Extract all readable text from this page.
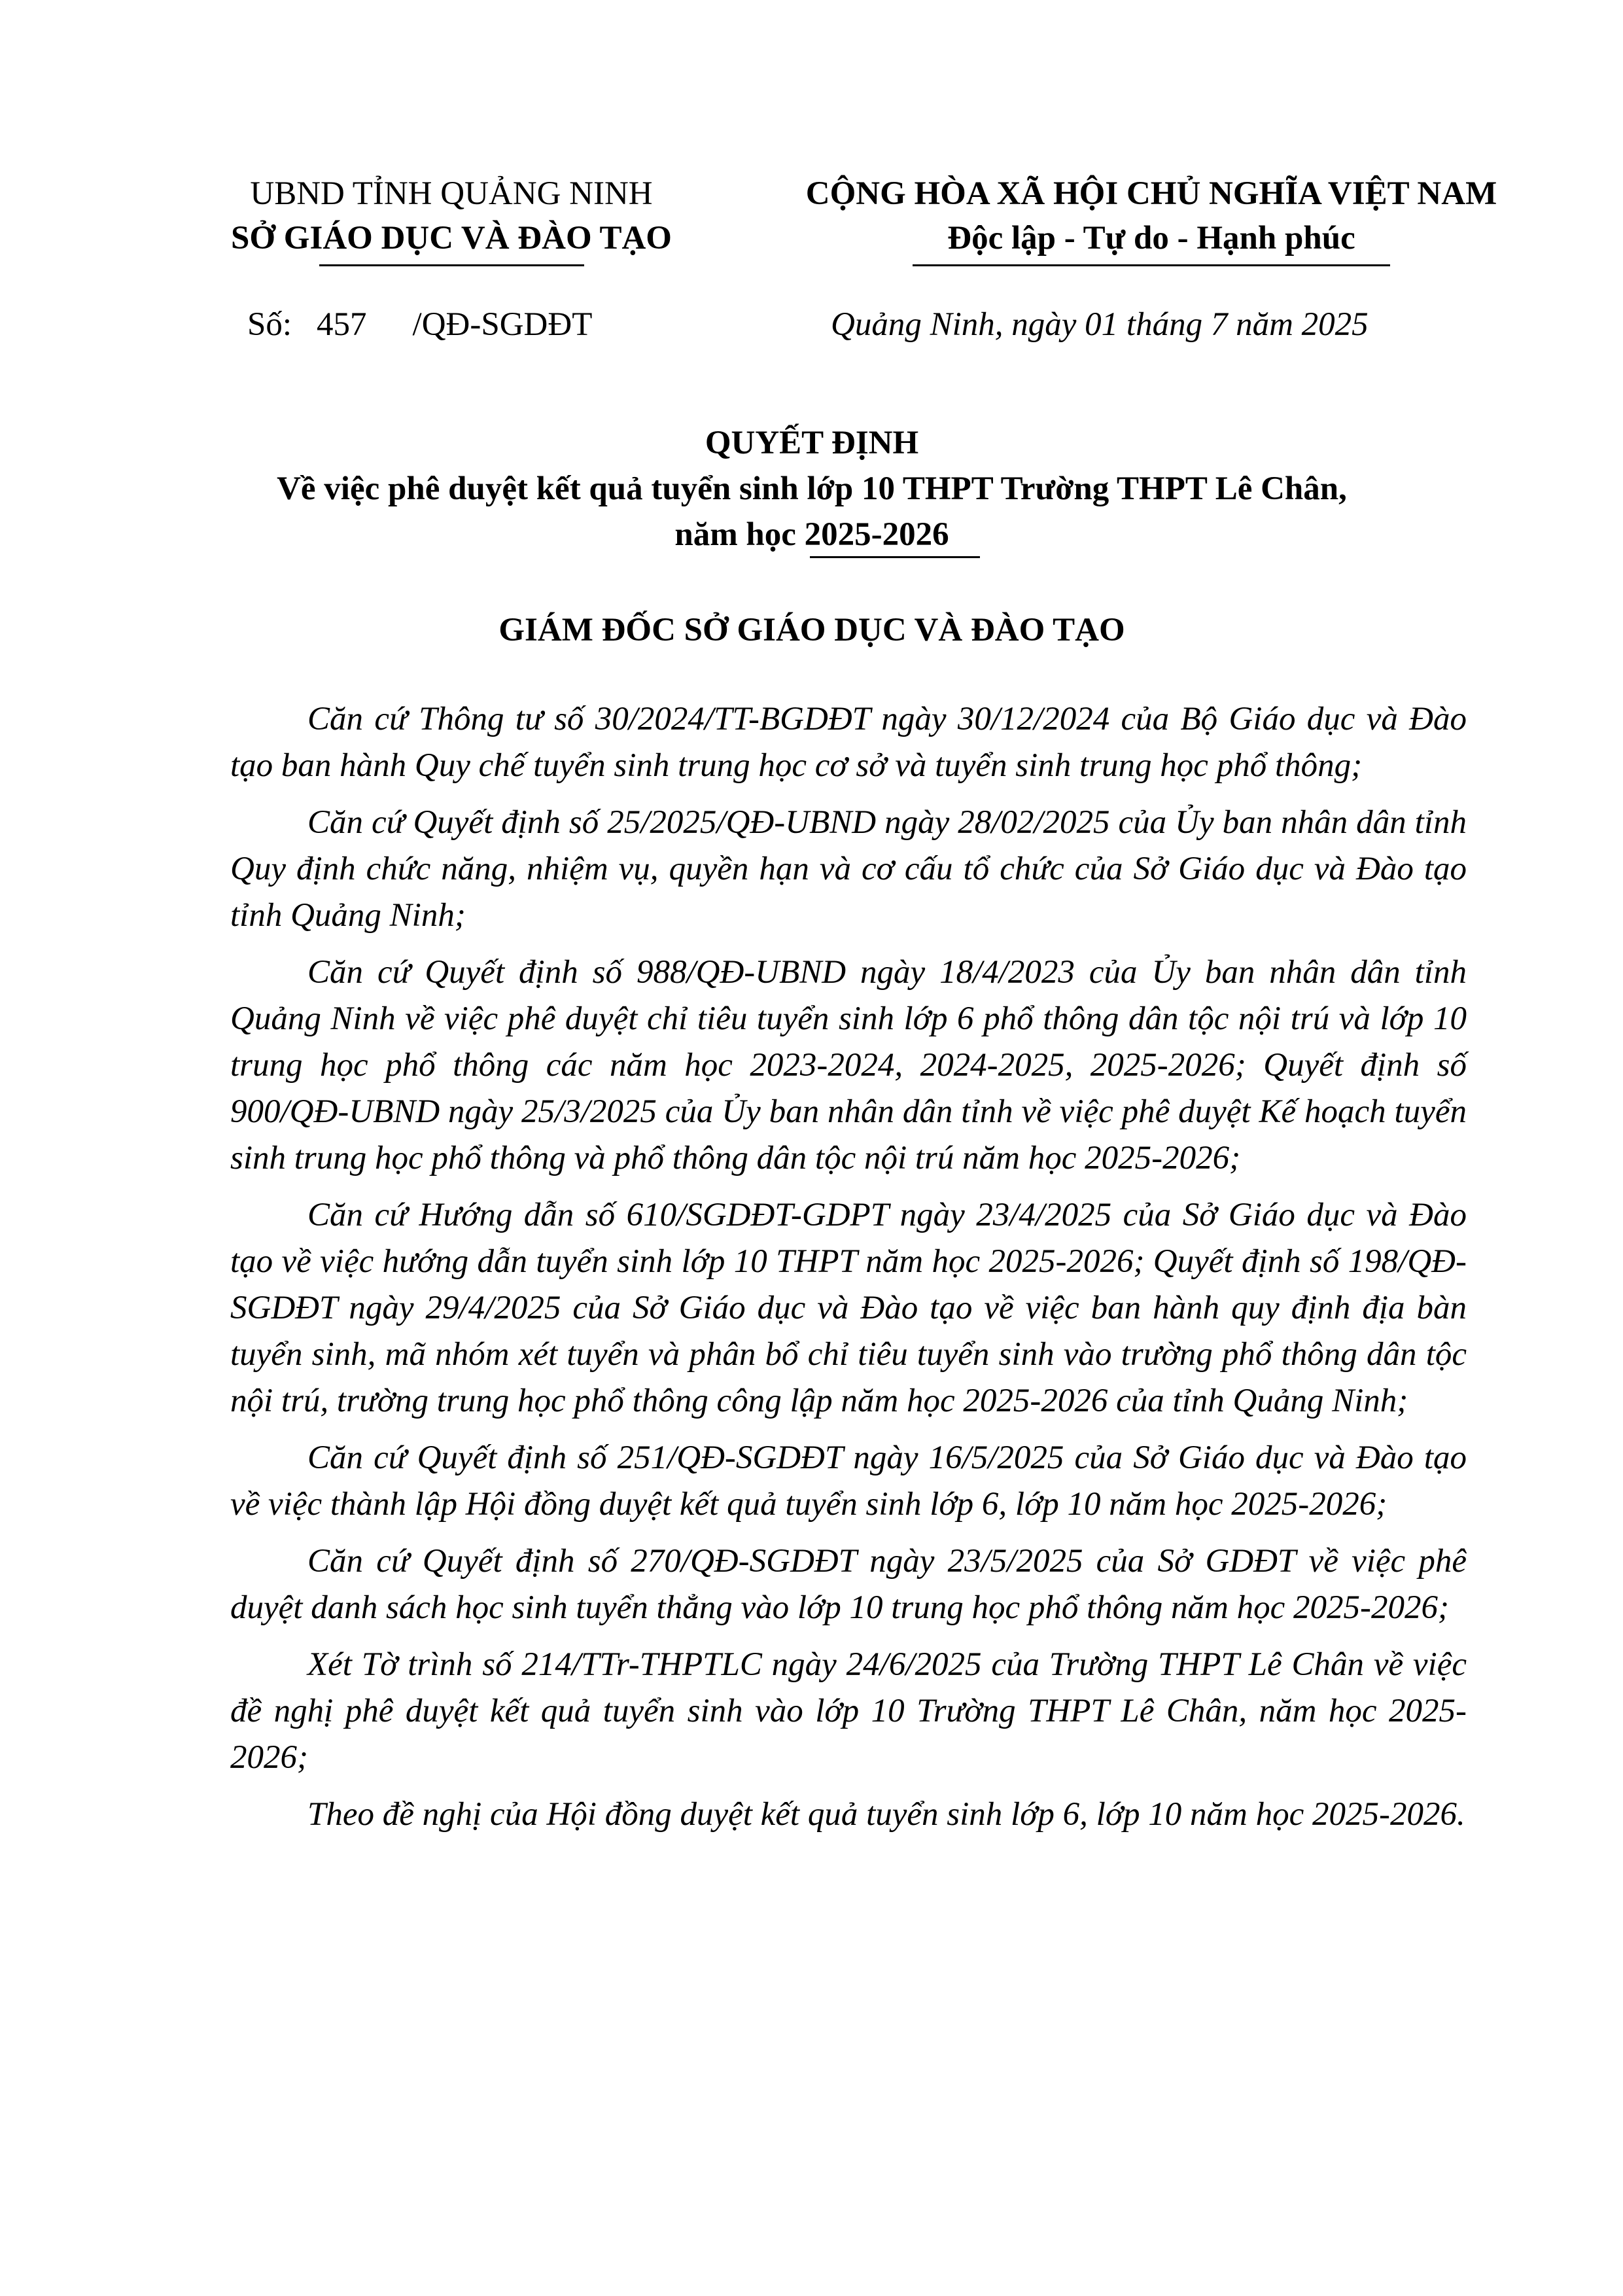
UBND TỈNH QUẢNG NINH
SỞ GIÁO DỤC VÀ ĐÀO TẠO
CỘNG HÒA XÃ HỘI CHỦ NGHĨA VIỆT NAM
Độc lập - Tự do - Hạnh phúc
Số: 457 /QĐ-SGDĐT	Quảng Ninh, ngày 01 tháng 7 năm 2025
QUYẾT ĐỊNH
Về việc phê duyệt kết quả tuyển sinh lớp 10 THPT Trường THPT Lê Chân,
năm học 2025-2026
GIÁM ĐỐC SỞ GIÁO DỤC VÀ ĐÀO TẠO

Căn cứ Thông tư số 30/2024/TT-BGDĐT ngày 30/12/2024 của Bộ Giáo dục và Đào tạo ban hành Quy chế tuyển sinh trung học cơ sở và tuyển sinh trung học phổ thông;

Căn cứ Quyết định số 25/2025/QĐ-UBND ngày 28/02/2025 của Ủy ban nhân dân tỉnh Quy định chức năng, nhiệm vụ, quyền hạn và cơ cấu tổ chức của Sở Giáo dục và Đào tạo tỉnh Quảng Ninh;

Căn cứ Quyết định số 988/QĐ-UBND ngày 18/4/2023 của Ủy ban nhân dân tỉnh Quảng Ninh về việc phê duyệt chỉ tiêu tuyển sinh lớp 6 phổ thông dân tộc nội trú và lớp 10 trung học phổ thông các năm học 2023-2024, 2024-2025, 2025-2026; Quyết định số 900/QĐ-UBND ngày 25/3/2025 của Ủy ban nhân dân tỉnh về việc phê duyệt Kế hoạch tuyển sinh trung học phổ thông và phổ thông dân tộc nội trú năm học 2025-2026;

Căn cứ Hướng dẫn số 610/SGDĐT-GDPT ngày 23/4/2025 của Sở Giáo dục và Đào tạo về việc hướng dẫn tuyển sinh lớp 10 THPT năm học 2025-2026; Quyết định số 198/QĐ-SGDĐT ngày 29/4/2025 của Sở Giáo dục và Đào tạo về việc ban hành quy định địa bàn tuyển sinh, mã nhóm xét tuyển và phân bổ chỉ tiêu tuyển sinh vào trường phổ thông dân tộc nội trú, trường trung học phổ thông công lập năm học 2025-2026 của tỉnh Quảng Ninh;

Căn cứ Quyết định số 251/QĐ-SGDĐT ngày 16/5/2025 của Sở Giáo dục và Đào tạo về việc thành lập Hội đồng duyệt kết quả tuyển sinh lớp 6, lớp 10 năm học 2025-2026;

Căn cứ Quyết định số 270/QĐ-SGDĐT ngày 23/5/2025 của Sở GDĐT về việc phê duyệt danh sách học sinh tuyển thẳng vào lớp 10 trung học phổ thông năm học 2025-2026;

Xét Tờ trình số 214/TTr-THPTLC ngày 24/6/2025 của Trường THPT Lê Chân về việc đề nghị phê duyệt kết quả tuyển sinh vào lớp 10 Trường THPT Lê Chân, năm học 2025-2026;

Theo đề nghị của Hội đồng duyệt kết quả tuyển sinh lớp 6, lớp 10 năm học 2025-2026.
